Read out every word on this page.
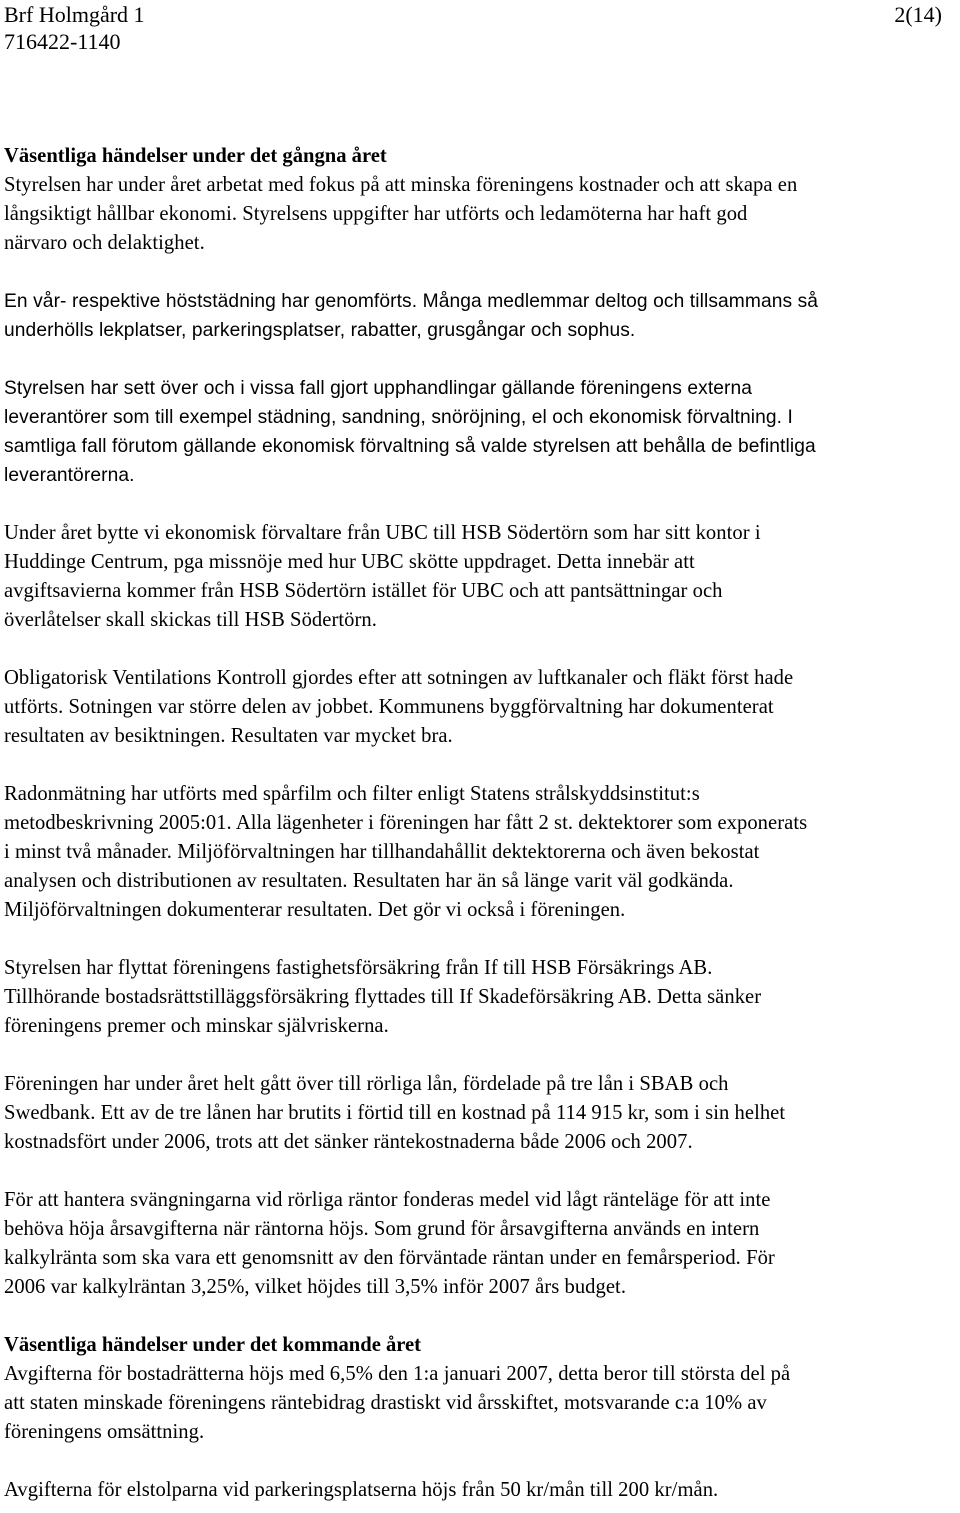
Brf Holmgård 1
716422-1140
2(14)
Väsentliga händelser under det gångna året
Styrelsen har under året arbetat med fokus på att minska föreningens kostnader och att skapa en
långsiktigt hållbar ekonomi. Styrelsens uppgifter har utförts och ledamöterna har haft god
närvaro och delaktighet.
En vår- respektive höststädning har genomförts. Många medlemmar deltog och tillsammans så
underhölls lekplatser, parkeringsplatser, rabatter, grusgångar och sophus.
Styrelsen har sett över och i vissa fall gjort upphandlingar gällande föreningens externa
leverantörer som till exempel städning, sandning, snöröjning, el och ekonomisk förvaltning. I
samtliga fall förutom gällande ekonomisk förvaltning så valde styrelsen att behålla de befintliga
leverantörerna.
Under året bytte vi ekonomisk förvaltare från UBC till HSB Södertörn som har sitt kontor i
Huddinge Centrum, pga missnöje med hur UBC skötte uppdraget. Detta innebär att
avgiftsavierna kommer från HSB Södertörn istället för UBC och att pantsättningar och
överlåtelser skall skickas till HSB Södertörn.
Obligatorisk Ventilations Kontroll gjordes efter att sotningen av luftkanaler och fläkt först hade
utförts. Sotningen var större delen av jobbet. Kommunens byggförvaltning har dokumenterat
resultaten av besiktningen. Resultaten var mycket bra.
Radonmätning har utförts med spårfilm och filter enligt Statens strålskyddsinstitut:s
metodbeskrivning 2005:01. Alla lägenheter i föreningen har fått 2 st. dektektorer som exponerats
i minst två månader. Miljöförvaltningen har tillhandahållit dektektorerna och även bekostat
analysen och distributionen av resultaten. Resultaten har än så länge varit väl godkända.
Miljöförvaltningen dokumenterar resultaten. Det gör vi också i föreningen.
Styrelsen har flyttat föreningens fastighetsförsäkring från If till HSB Försäkrings AB.
Tillhörande bostadsrättstilläggsförsäkring flyttades till If Skadeförsäkring AB. Detta sänker
föreningens premer och minskar självriskerna.
Föreningen har under året helt gått över till rörliga lån, fördelade på tre lån i SBAB och
Swedbank. Ett av de tre lånen har brutits i förtid till en kostnad på 114 915 kr, som i sin helhet
kostnadsfört under 2006, trots att det sänker räntekostnaderna både 2006 och 2007.
För att hantera svängningarna vid rörliga räntor fonderas medel vid lågt ränteläge för att inte
behöva höja årsavgifterna när räntorna höjs. Som grund för årsavgifterna används en intern
kalkylränta som ska vara ett genomsnitt av den förväntade räntan under en femårsperiod. För
2006 var kalkylräntan 3,25%, vilket höjdes till 3,5% inför 2007 års budget.
Väsentliga händelser under det kommande året
Avgifterna för bostadrätterna höjs med 6,5% den 1:a januari 2007, detta beror till största del på
att staten minskade föreningens räntebidrag drastiskt vid årsskiftet, motsvarande c:a 10% av
föreningens omsättning.
Avgifterna för elstolparna vid parkeringsplatserna höjs från 50 kr/mån till 200 kr/mån.
